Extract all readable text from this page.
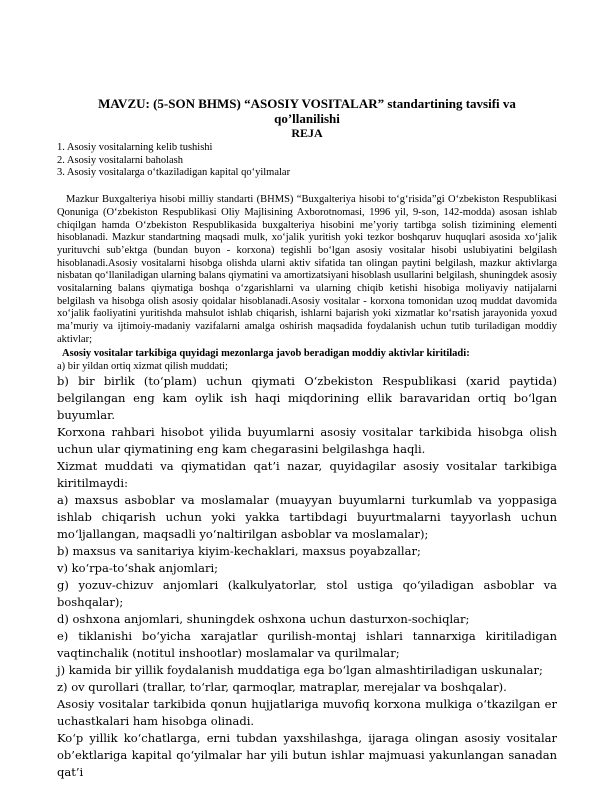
MAVZU: (5-SON BHMS) “ASOSIY VOSITALAR” standartining tavsifi va

qo’llanilishi

REJA

1. Asosiy vositalarning kelib tushishi

2. Asosiy vositalarni baholash

3. Asosiy vositalarga o‘tkaziladigan kapital qo‘yilmalar

Mazkur Buxgalteriya hisobi milliy standarti (BHMS) “Buxgalteriya hisobi to‘g‘risida”gi O‘zbekiston Respublikasi Qonuniga (O‘zbekiston Respublikasi Oliy Majlisining Axborotnomasi, 1996 yil, 9-son, 142-modda) asosan ishlab chiqilgan hamda O‘zbekiston Respublikasida buxgalteriya hisobini me’yoriy tartibga solish tizimining elementi hisoblanadi. Mazkur standartning maqsadi mulk, xo‘jalik yuritish yoki tezkor boshqaruv huquqlari asosida xo‘jalik yurituvchi sub’ektga (bundan buyon - korxona) tegishli bo‘lgan asosiy vositalar hisobi uslubiyatini belgilash hisoblanadi.Asosiy vositalarni hisobga olishda ularni aktiv sifatida tan olingan paytini belgilash, mazkur aktivlarga nisbatan qo‘llaniladigan ularning balans qiymatini va amortizatsiyani hisoblash usullarini belgilash, shuningdek asosiy vositalarning balans qiymatiga boshqa o‘zgarishlarni va ularning chiqib ketishi hisobiga moliyaviy natijalarni belgilash va hisobga olish asosiy qoidalar hisoblanadi.Asosiy vositalar - korxona tomonidan uzoq muddat davomida xo‘jalik faoliyatini yuritishda mahsulot ishlab chiqarish, ishlarni bajarish yoki xizmatlar ko‘rsatish jarayonida yoxud ma’muriy va ijtimoiy-madaniy vazifalarni amalga oshirish maqsadida foydalanish uchun tutib turiladigan moddiy aktivlar;

Asosiy vositalar tarkibiga quyidagi mezonlarga javob beradigan moddiy aktivlar kiritiladi:

a) bir yildan ortiq xizmat qilish muddati;

b) bir birlik (to‘plam) uchun qiymati O‘zbekiston Respublikasi (xarid paytida) belgilangan eng kam oylik ish haqi miqdorining ellik baravaridan ortiq bo‘lgan buyumlar.

Korxona rahbari hisobot yilida buyumlarni asosiy vositalar tarkibida hisobga olish uchun ular qiymatining eng kam chegarasini belgilashga haqli.

Xizmat muddati va qiymatidan qat’i nazar, quyidagilar asosiy vositalar tarkibiga kiritilmaydi:

a) maxsus asboblar va moslamalar (muayyan buyumlarni turkumlab va yoppasiga ishlab chiqarish uchun yoki yakka tartibdagi buyurtmalarni tayyorlash uchun mo‘ljallangan, maqsadli yo‘naltirilgan asboblar va moslamalar);

b) maxsus va sanitariya kiyim-kechaklari, maxsus poyabzallar;

v) ko‘rpa-to‘shak anjomlari;

g) yozuv-chizuv anjomlari (kalkulyatorlar, stol ustiga qo‘yiladigan asboblar va boshqalar);

d) oshxona anjomlari, shuningdek oshxona uchun dasturxon-sochiqlar;

e) tiklanishi bo‘yicha xarajatlar qurilish-montaj ishlari tannarxiga kiritiladigan vaqtinchalik (notitul inshootlar) moslamalar va qurilmalar;

j) kamida bir yillik foydalanish muddatiga ega bo‘lgan almashtiriladigan uskunalar;

z) ov qurollari (trallar, to‘rlar, qarmoqlar, matraplar, merejalar va boshqalar).

Asosiy vositalar tarkibida qonun hujjatlariga muvofiq korxona mulkiga o‘tkazilgan er uchastkalari ham hisobga olinadi.

Ko‘p yillik ko‘chatlarga, erni tubdan yaxshilashga, ijaraga olingan asosiy vositalar ob’ektlariga kapital qo‘yilmalar har yili butun ishlar majmuasi yakunlangan sanadan qat’i
